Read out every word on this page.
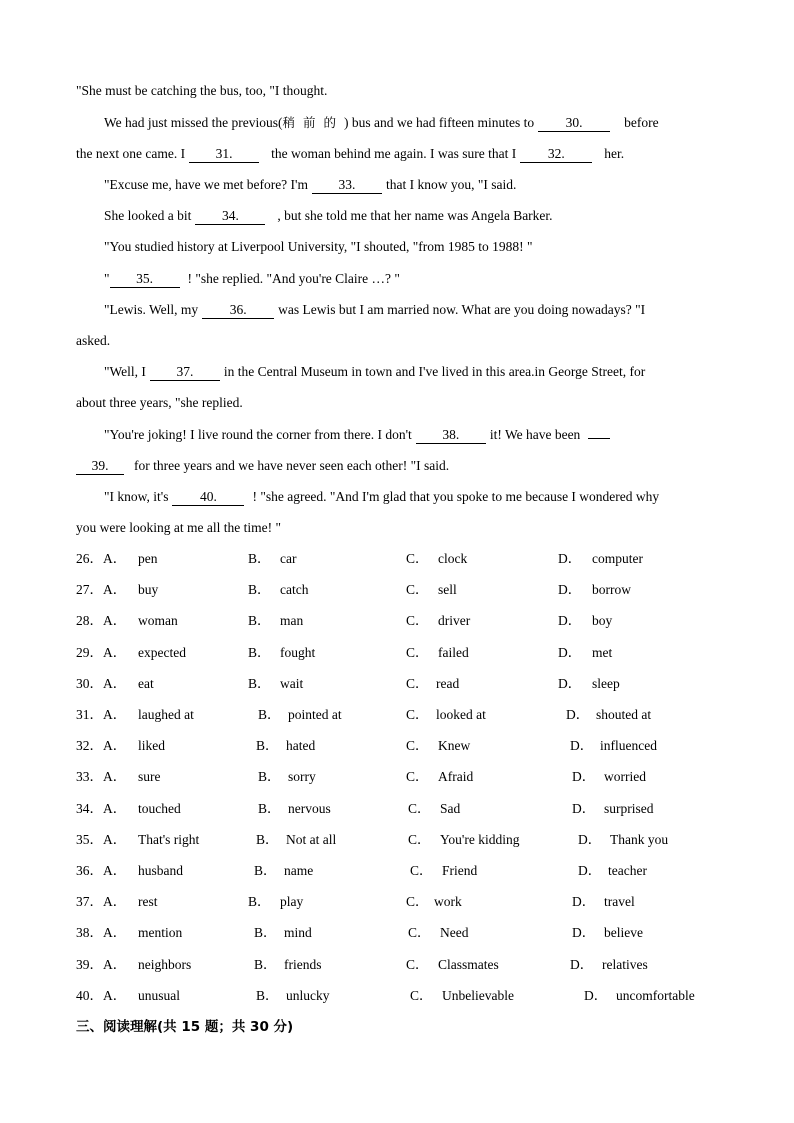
"She must be catching the bus, too, "I thought.
We had just missed the previous(稍前的) bus and we had fifteen minutes to 30.	before
the next one came. I 31.	the woman behind me again. I was sure that I 32.	her.
"Excuse me, have we met before? I'm 33. that I know you, "I said.
She looked a bit 34.	, but she told me that her name was Angela Barker.
"You studied history at Liverpool University, "I shouted, "from 1985 to 1988! "
" 35.	! "she replied. "And you're Claire …? "
"Lewis. Well, my 36. was Lewis but I am married now. What are you doing nowadays? "I
asked.
"Well, I 37. in the Central Museum in town and I've lived in this area.in George Street, for
about three years, "she replied.
"You're joking! I live round the corner from there. I don't 38. it! We have been
39. for three years and we have never seen each other! "I said.
"I know, it's 40.	! "she agreed. "And I'm glad that you spoke to me because I wondered why
you were looking at me all the time! "
26．A． pen	B． car	C． clock	D． computer
27．A． buy	B． catch	C． sell	D． borrow
28．A． woman	B． man	C． driver	D． boy
29．A． expected	B． fought	C． failed	D． met
30．A． eat	B． wait	C． read	D． sleep
31．A． laughed at	B． pointed at	C． looked at	D． shouted at
32．A． liked	B． hated	C． Knew	D． influenced
33．A． sure	B． sorry	C． Afraid	D． worried
34．A． touched	B． nervous	C． Sad	D． surprised
35．A． That's right	B． Not at all	C． You're kidding	D． Thank you
36．A． husband	B． name	C． Friend	D． teacher
37．A． rest	B． play	C． work	D． travel
38．A． mention	B． mind	C． Need	D． believe
39．A． neighbors	B． friends	C． Classmates	D． relatives
40．A． unusual	B． unlucky	C． Unbelievable	D． uncomfortable
三、阅读理解(共 15 题；共 30 分)
